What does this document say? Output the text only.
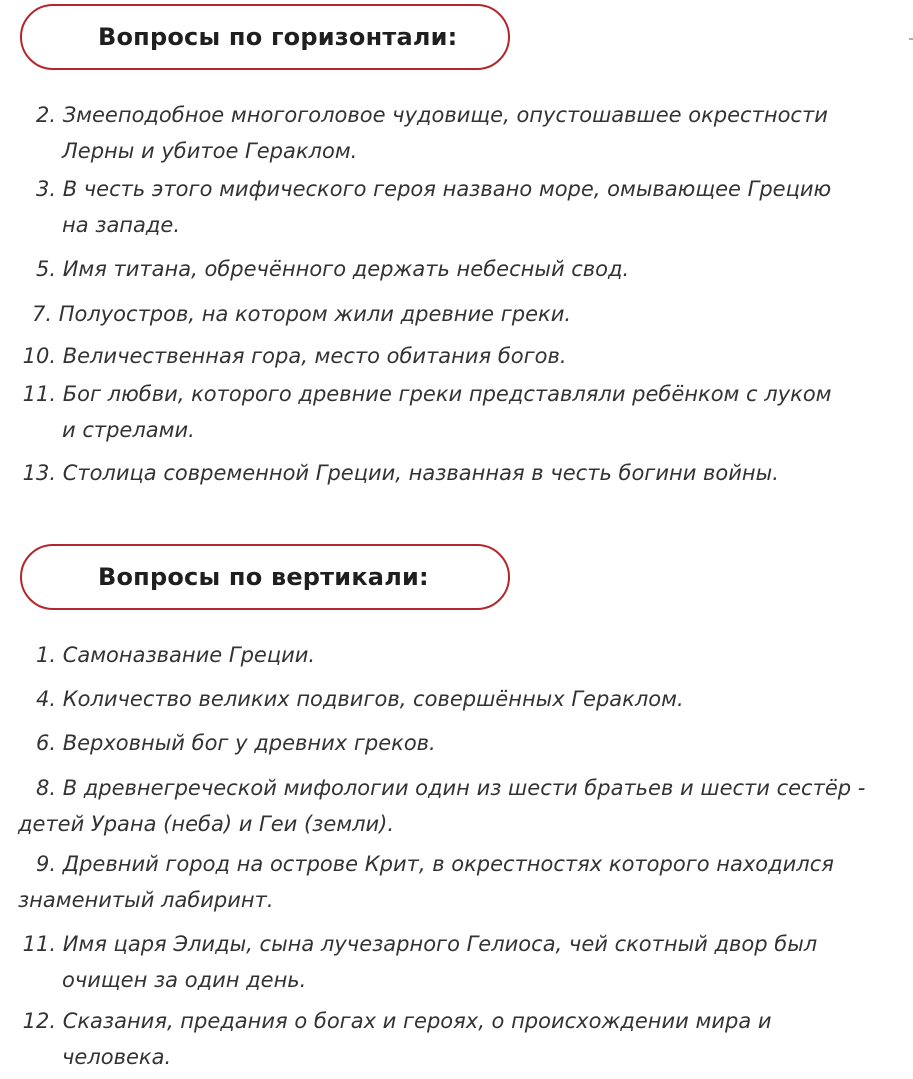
Вопросы по горизонтали:
2. Змееподобное многоголовое чудовище, опустошавшее окрестности
Лерны и убитое Гераклом.
3. В честь этого мифического героя названо море, омывающее Грецию
на западе.
5. Имя титана, обречённого держать небесный свод.
7. Полуостров, на котором жили древние греки.
10. Величественная гора, место обитания богов.
11. Бог любви, которого древние греки представляли ребёнком с луком
и стрелами.
13. Столица современной Греции, названная в честь богини войны.
Вопросы по вертикали:
1. Самоназвание Греции.
4. Количество великих подвигов, совершённых Гераклом.
6. Верховный бог у древних греков.
8. В древнегреческой мифологии один из шести братьев и шести сестёр -
детей Урана (неба) и Геи (земли).
9. Древний город на острове Крит, в окрестностях которого находился
знаменитый лабиринт.
11. Имя царя Элиды, сына лучезарного Гелиоса, чей скотный двор был
очищен за один день.
12. Сказания, предания о богах и героях, о происхождении мира и
человека.
